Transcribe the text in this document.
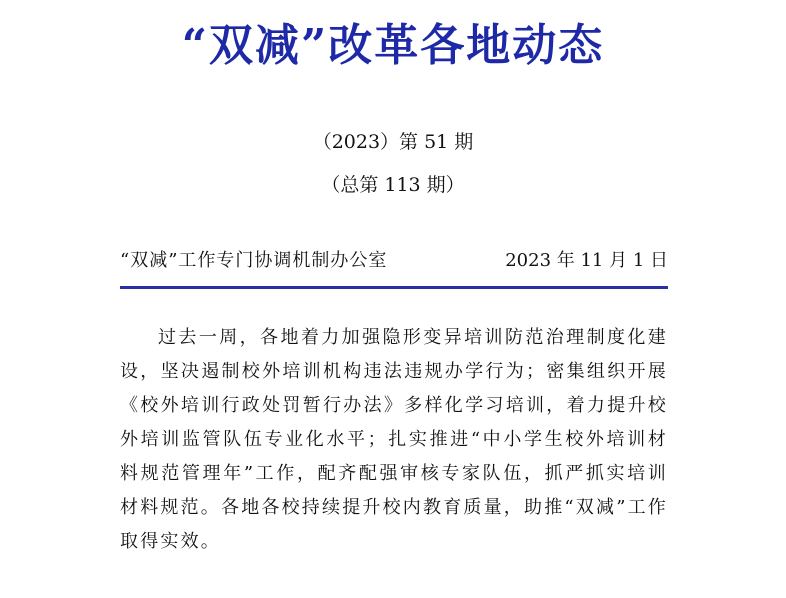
“双减”改革各地动态
（2023）第 51 期
（总第 113 期）
“双减”工作专门协调机制办公室	2023 年 11 月 1 日

过去一周，各地着力加强隐形变异培训防范治理制度化建设，坚决遏制校外培训机构违法违规办学行为；密集组织开展《校外培训行政处罚暂行办法》多样化学习培训，着力提升校外培训监管队伍专业化水平；扎实推进“中小学生校外培训材料规范管理年”工作，配齐配强审核专家队伍，抓严抓实培训材料规范。各地各校持续提升校内教育质量，助推“双减”工作取得实效。
